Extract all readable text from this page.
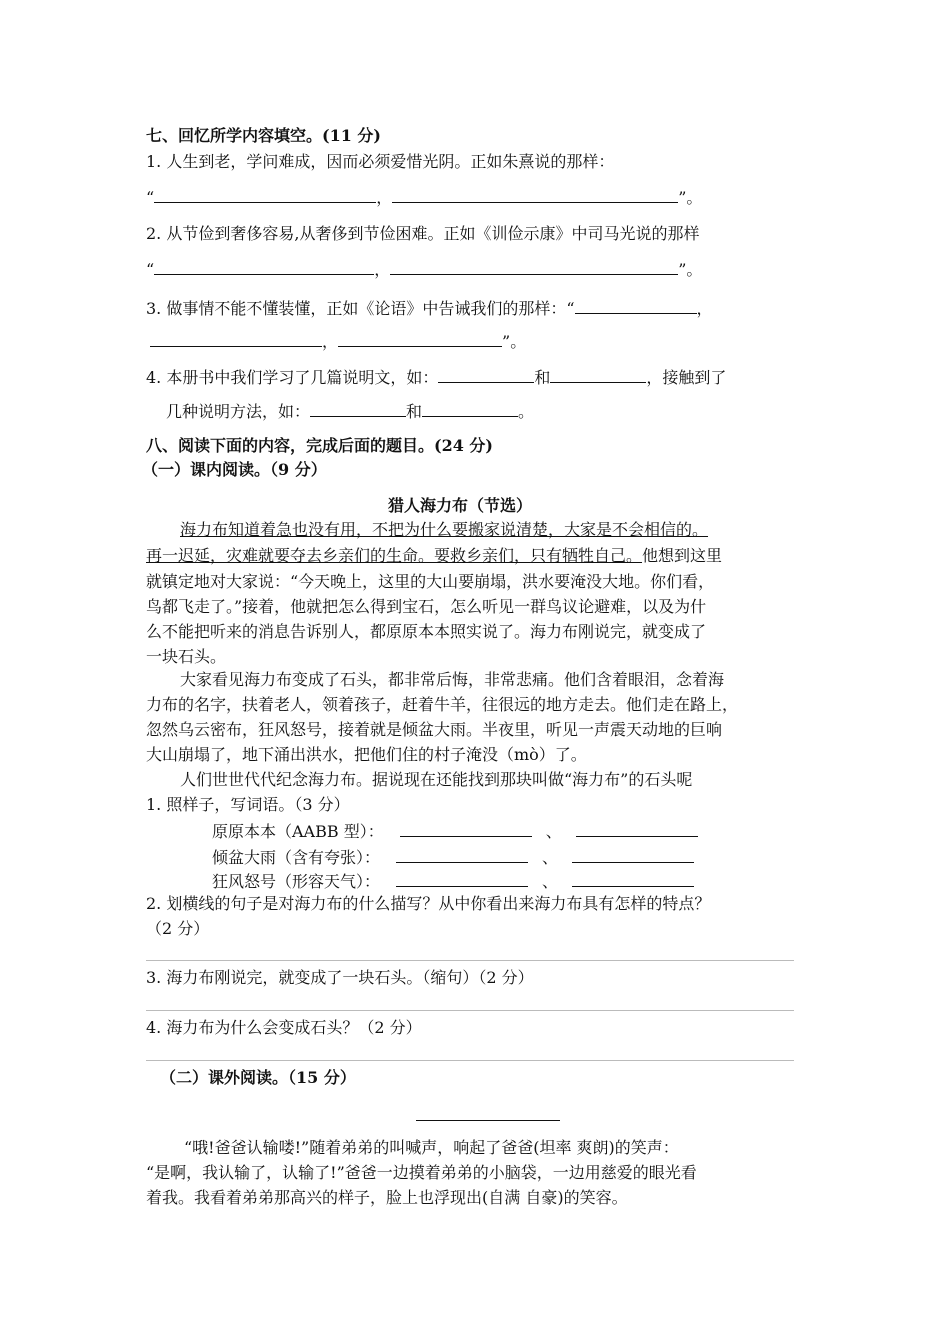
七、回忆所学内容填空。(11 分)
1. 人生到老，学问难成，因而必须爱惜光阴。正如朱熹说的那样：
“	，	”。
2. 从节俭到奢侈容易,从奢侈到节俭困难。正如《训俭示康》中司马光说的那样
“	，	”。
3. 做事情不能不懂装懂，正如《论语》中告诫我们的那样：“	，
，	”。
4. 本册书中我们学习了几篇说明文，如：	和	，接触到了
几种说明方法，如：	和	。
八、阅读下面的内容，完成后面的题目。(24 分)
（一）课内阅读。（9 分）
猎人海力布（节选）
海力布知道着急也没有用，不把为什么要搬家说清楚，大家是不会相信的。
再一迟延，灾难就要夺去乡亲们的生命。要救乡亲们，只有牺牲自己。他想到这里
就镇定地对大家说：“今天晚上，这里的大山要崩塌，洪水要淹没大地。你们看，
鸟都飞走了。”接着，他就把怎么得到宝石，怎么听见一群鸟议论避难，以及为什
么不能把听来的消息告诉别人，都原原本本照实说了。海力布刚说完，就变成了
一块石头。
大家看见海力布变成了石头，都非常后悔，非常悲痛。他们含着眼泪，念着海
力布的名字，扶着老人，领着孩子，赶着牛羊，往很远的地方走去。他们走在路上，
忽然乌云密布，狂风怒号，接着就是倾盆大雨。半夜里，听见一声震天动地的巨响
大山崩塌了，地下涌出洪水，把他们住的村子淹没（mò）了。
人们世世代代纪念海力布。据说现在还能找到那块叫做“海力布”的石头呢
1. 照样子，写词语。（3 分）
原原本本（AABB 型）：	、
倾盆大雨（含有夸张）：	、
狂风怒号（形容天气）：	、
2. 划横线的句子是对海力布的什么描写？从中你看出来海力布具有怎样的特点？
（2 分）
3. 海力布刚说完，就变成了一块石头。（缩句）（2 分）
4. 海力布为什么会变成石头？（2 分）
（二）课外阅读。（15 分）
“哦!爸爸认输喽!”随着弟弟的叫喊声，响起了爸爸(坦率 爽朗)的笑声：
“是啊，我认输了，认输了!”爸爸一边摸着弟弟的小脑袋，一边用慈爱的眼光看
着我。我看着弟弟那高兴的样子，脸上也浮现出(自满 自豪)的笑容。
